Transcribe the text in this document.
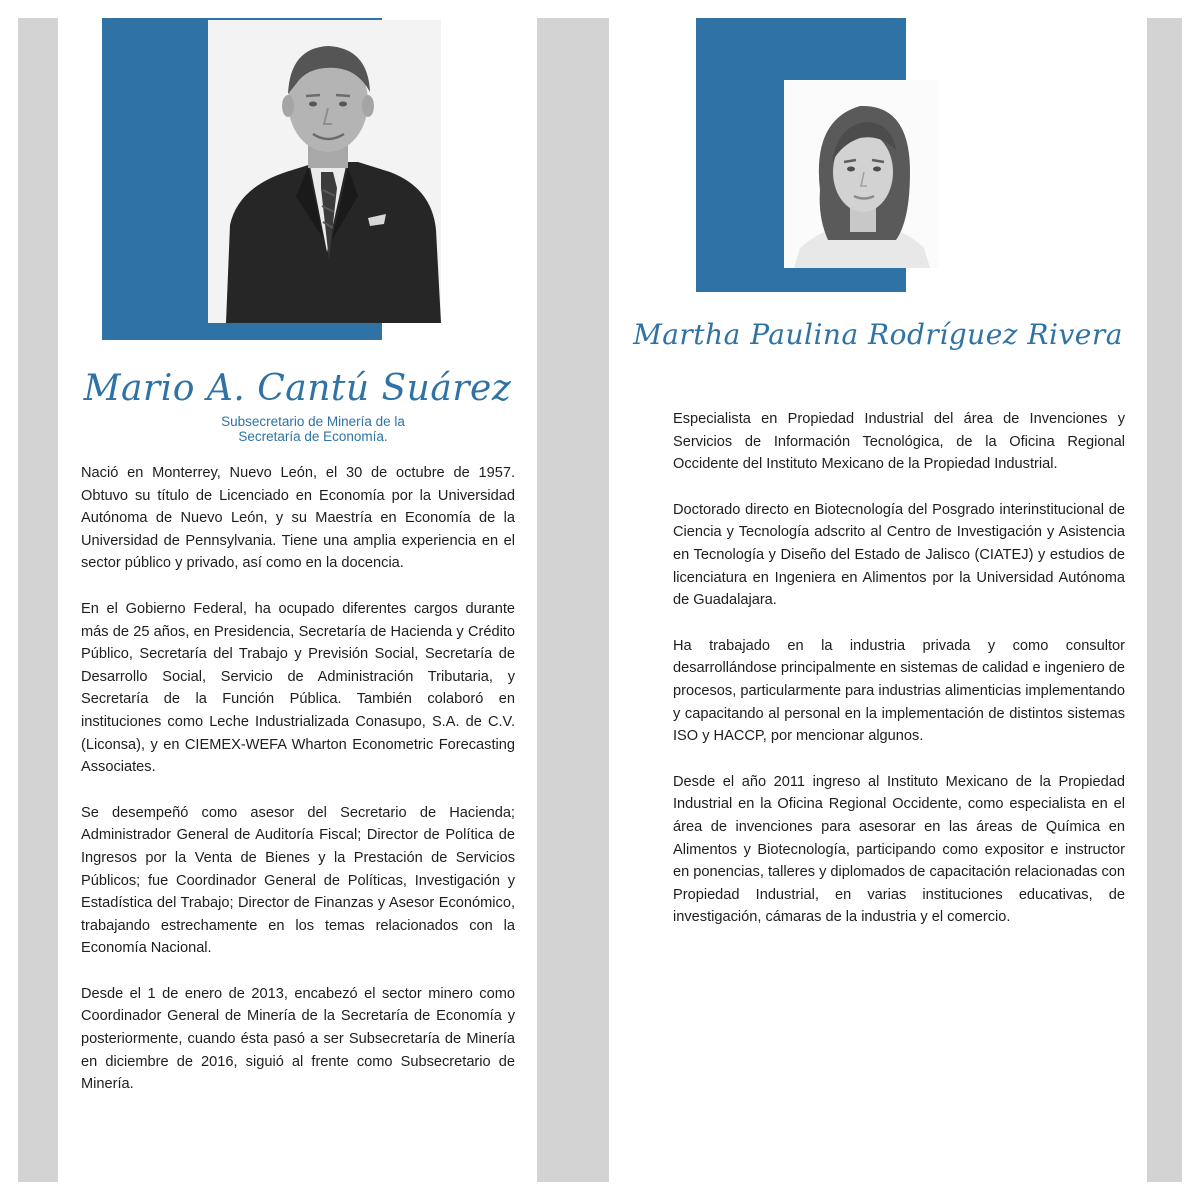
Mario A. Cantú Suárez
Subsecretario de Minería de la
Secretaría de Economía.

Nació en Monterrey, Nuevo León, el 30 de octubre de 1957. Obtuvo su título de Licenciado en Economía por la Universidad Autónoma de Nuevo León, y su Maestría en Economía de la Universidad de Pennsylvania. Tiene una amplia experiencia en el sector público y privado, así como en la docencia.

En el Gobierno Federal, ha ocupado diferentes cargos durante más de 25 años, en Presidencia, Secretaría de Hacienda y Crédito Público, Secretaría del Trabajo y Previsión Social, Secretaría de Desarrollo Social, Servicio de Administración Tributaria, y Secretaría de la Función Pública. También colaboró en instituciones como Leche Industrializada Conasupo, S.A. de C.V. (Liconsa), y en CIEMEX-WEFA Wharton Econometric Forecasting Associates.

Se desempeñó como asesor del Secretario de Hacienda; Administrador General de Auditoría Fiscal; Director de Política de Ingresos por la Venta de Bienes y la Prestación de Servicios Públicos; fue Coordinador General de Políticas, Investigación y Estadística del Trabajo; Director de Finanzas y Asesor Económico, trabajando estrechamente en los temas relacionados con la Economía Nacional.

Desde el 1 de enero de 2013, encabezó el sector minero como Coordinador General de Minería de la Secretaría de Economía y posteriormente, cuando ésta pasó a ser Subsecretaría de Minería en diciembre de 2016, siguió al frente como Subsecretario de Minería.

Martha Paulina Rodríguez Rivera

Especialista en Propiedad Industrial del área de Invenciones y Servicios de Información Tecnológica, de la Oficina Regional Occidente del Instituto Mexicano de la Propiedad Industrial.

Doctorado directo en Biotecnología del Posgrado interinstitucional de Ciencia y Tecnología adscrito al Centro de Investigación y Asistencia en Tecnología y Diseño del Estado de Jalisco (CIATEJ) y estudios de licenciatura en Ingeniera en Alimentos por la Universidad Autónoma de Guadalajara.

Ha trabajado en la industria privada y como consultor desarrollándose principalmente en sistemas de calidad e ingeniero de procesos, particularmente para industrias alimenticias implementando y capacitando al personal en la implementación de distintos sistemas ISO y HACCP, por mencionar algunos.

Desde el año 2011 ingreso al Instituto Mexicano de la Propiedad Industrial en la Oficina Regional Occidente, como especialista en el área de invenciones para asesorar en las áreas de Química en Alimentos y Biotecnología, participando como expositor e instructor en ponencias, talleres y diplomados de capacitación relacionadas con Propiedad Industrial, en varias instituciones educativas, de investigación, cámaras de la industria y el comercio.
